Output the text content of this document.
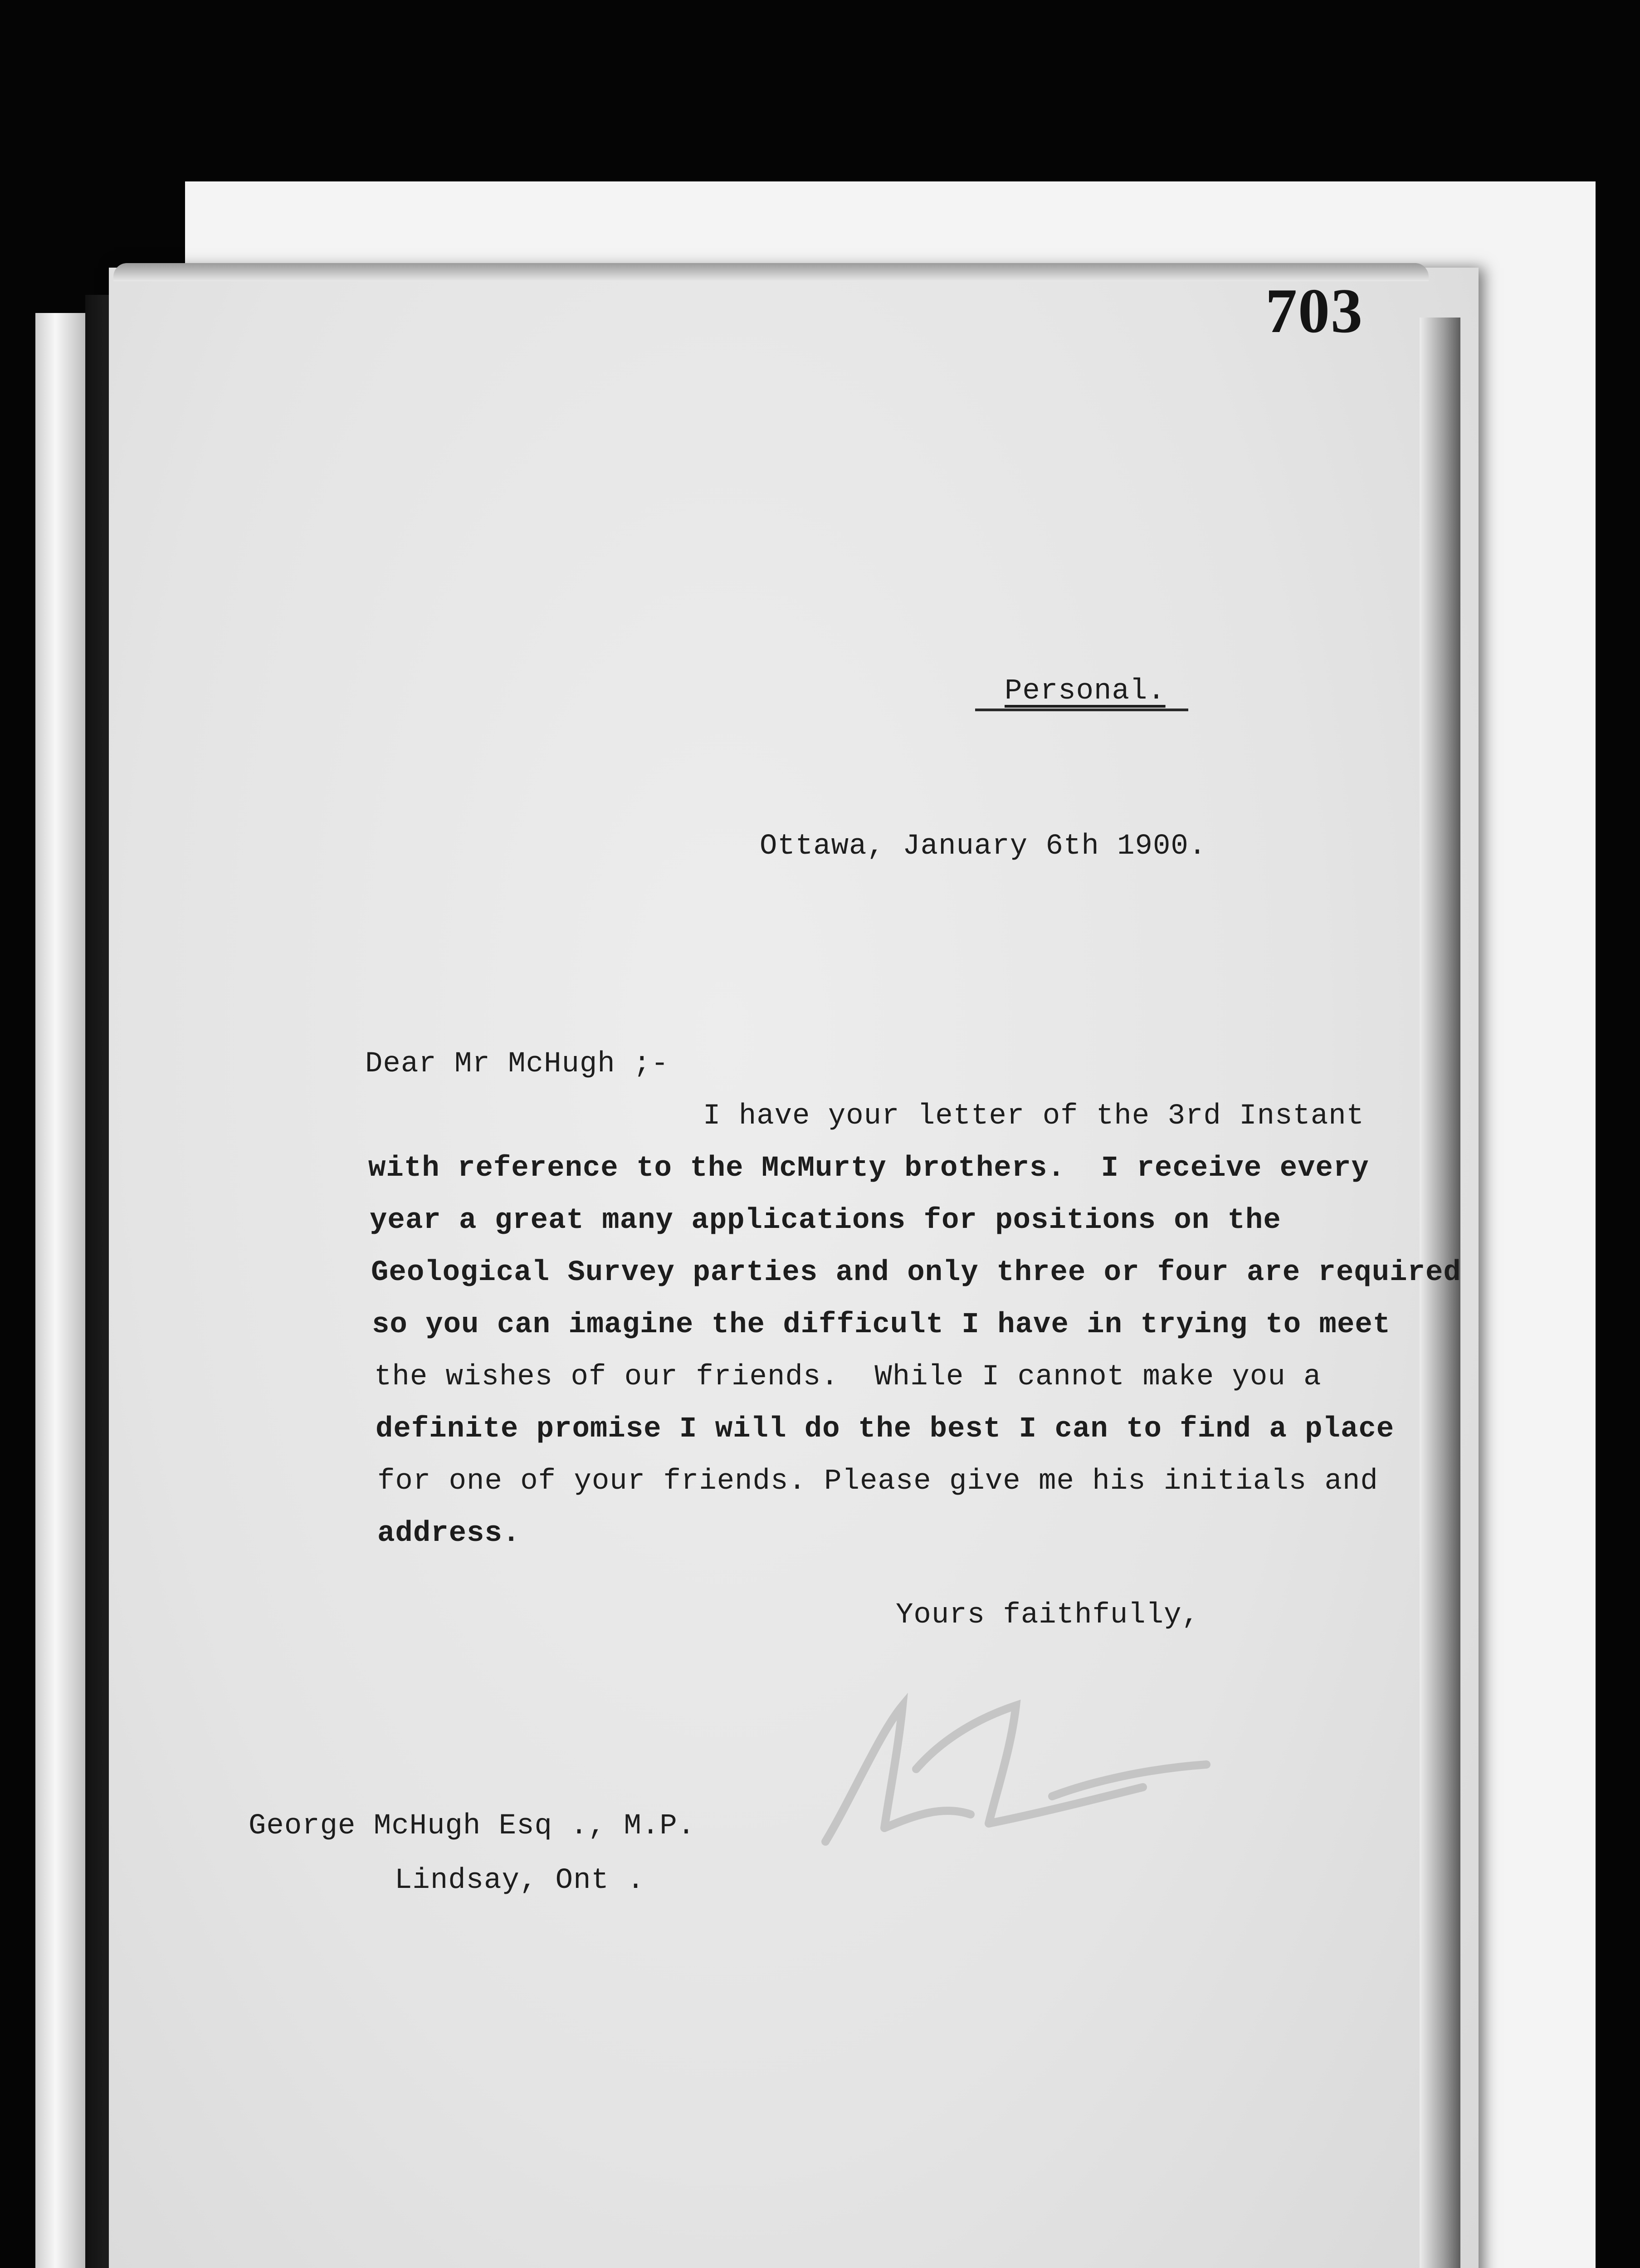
703
Personal.
Ottawa, January 6th 1900.
Dear Mr McHugh ;-
I have your letter of the 3rd Instant
with reference to the McMurty brothers.  I receive every
year a great many applications for positions on the
Geological Survey parties and only three or four are required
so you can imagine the difficult I have in trying to meet
the wishes of our friends.  While I cannot make you a
definite promise I will do the best I can to find a place
for one of your friends. Please give me his initials and
address.
Yours faithfully,
George McHugh Esq ., M.P.
Lindsay, Ont .
